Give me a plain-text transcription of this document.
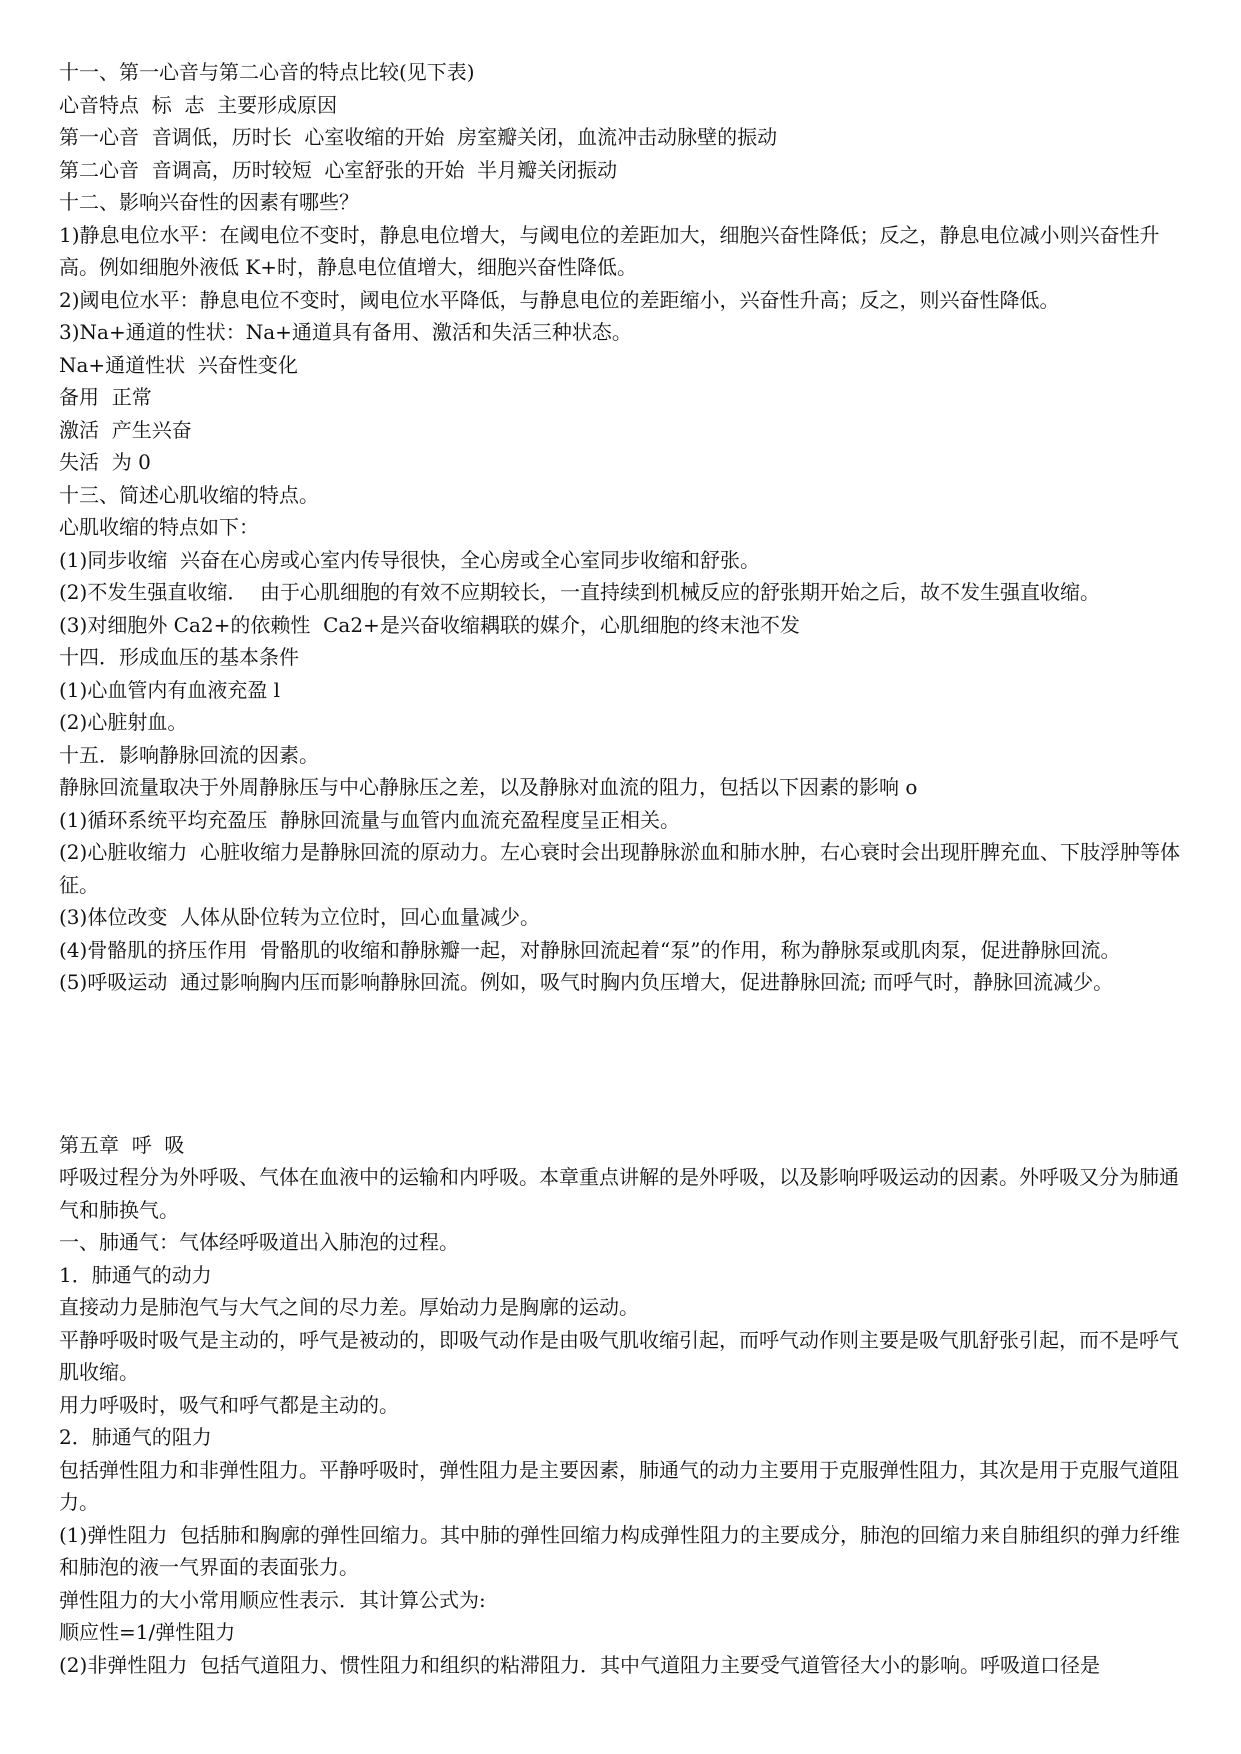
十一、第一心音与第二心音的特点比较(见下表)

心音特点  标  志  主要形成原因

第一心音  音调低，历时长  心室收缩的开始  房室瓣关闭，血流冲击动脉壁的振动

第二心音  音调高，历时较短  心室舒张的开始  半月瓣关闭振动

十二、影响兴奋性的因素有哪些？

1)静息电位水平：在阈电位不变时，静息电位增大，与阈电位的差距加大，细胞兴奋性降低；反之，静息电位减小则兴奋性升高。例如细胞外液低 K+时，静息电位值增大，细胞兴奋性降低。

2)阈电位水平：静息电位不变时，阈电位水平降低，与静息电位的差距缩小，兴奋性升高；反之，则兴奋性降低。

3)Na+通道的性状：Na+通道具有备用、激活和失活三种状态。

Na+通道性状  兴奋性变化

备用  正常

激活  产生兴奋

失活  为 0

十三、简述心肌收缩的特点。

心肌收缩的特点如下：

(1)同步收缩  兴奋在心房或心室内传导很快，全心房或全心室同步收缩和舒张。

(2)不发生强直收缩．  由于心肌细胞的有效不应期较长，一直持续到机械反应的舒张期开始之后，故不发生强直收缩。

(3)对细胞外 Ca2+的依赖性  Ca2+是兴奋收缩耦联的媒介，心肌细胞的终末池不发

十四．形成血压的基本条件

(1)心血管内有血液充盈 l

(2)心脏射血。

十五．影响静脉回流的因素。

静脉回流量取决于外周静脉压与中心静脉压之差，以及静脉对血流的阻力，包括以下因素的影响 o

(1)循环系统平均充盈压  静脉回流量与血管内血流充盈程度呈正相关。

(2)心脏收缩力  心脏收缩力是静脉回流的原动力。左心衰时会出现静脉淤血和肺水肿，右心衰时会出现肝脾充血、下肢浮肿等体征。

(3)体位改变  人体从卧位转为立位时，回心血量减少。

(4)骨骼肌的挤压作用  骨骼肌的收缩和静脉瓣一起，对静脉回流起着“泵”的作用，称为静脉泵或肌肉泵，促进静脉回流。

(5)呼吸运动  通过影响胸内压而影响静脉回流。例如，吸气时胸内负压增大，促进静脉回流; 而呼气时，静脉回流减少。

第五章  呼  吸

呼吸过程分为外呼吸、气体在血液中的运输和内呼吸。本章重点讲解的是外呼吸，以及影响呼吸运动的因素。外呼吸又分为肺通气和肺换气。

一、肺通气：气体经呼吸道出入肺泡的过程。

1．肺通气的动力

直接动力是肺泡气与大气之间的尽力差。厚始动力是胸廓的运动。

平静呼吸时吸气是主动的，呼气是被动的，即吸气动作是由吸气肌收缩引起，而呼气动作则主要是吸气肌舒张引起，而不是呼气肌收缩。

用力呼吸时，吸气和呼气都是主动的。

2．肺通气的阻力

包括弹性阻力和非弹性阻力。平静呼吸时，弹性阻力是主要因素，肺通气的动力主要用于克服弹性阻力，其次是用于克服气道阻力。

(1)弹性阻力  包括肺和胸廓的弹性回缩力。其中肺的弹性回缩力构成弹性阻力的主要成分，肺泡的回缩力来自肺组织的弹力纤维和肺泡的液一气界面的表面张力。

弹性阻力的大小常用顺应性表示．其计算公式为:

顺应性=1/弹性阻力

(2)非弹性阻力  包括气道阻力、惯性阻力和组织的粘滞阻力．其中气道阻力主要受气道管径大小的影响。呼吸道口径是
